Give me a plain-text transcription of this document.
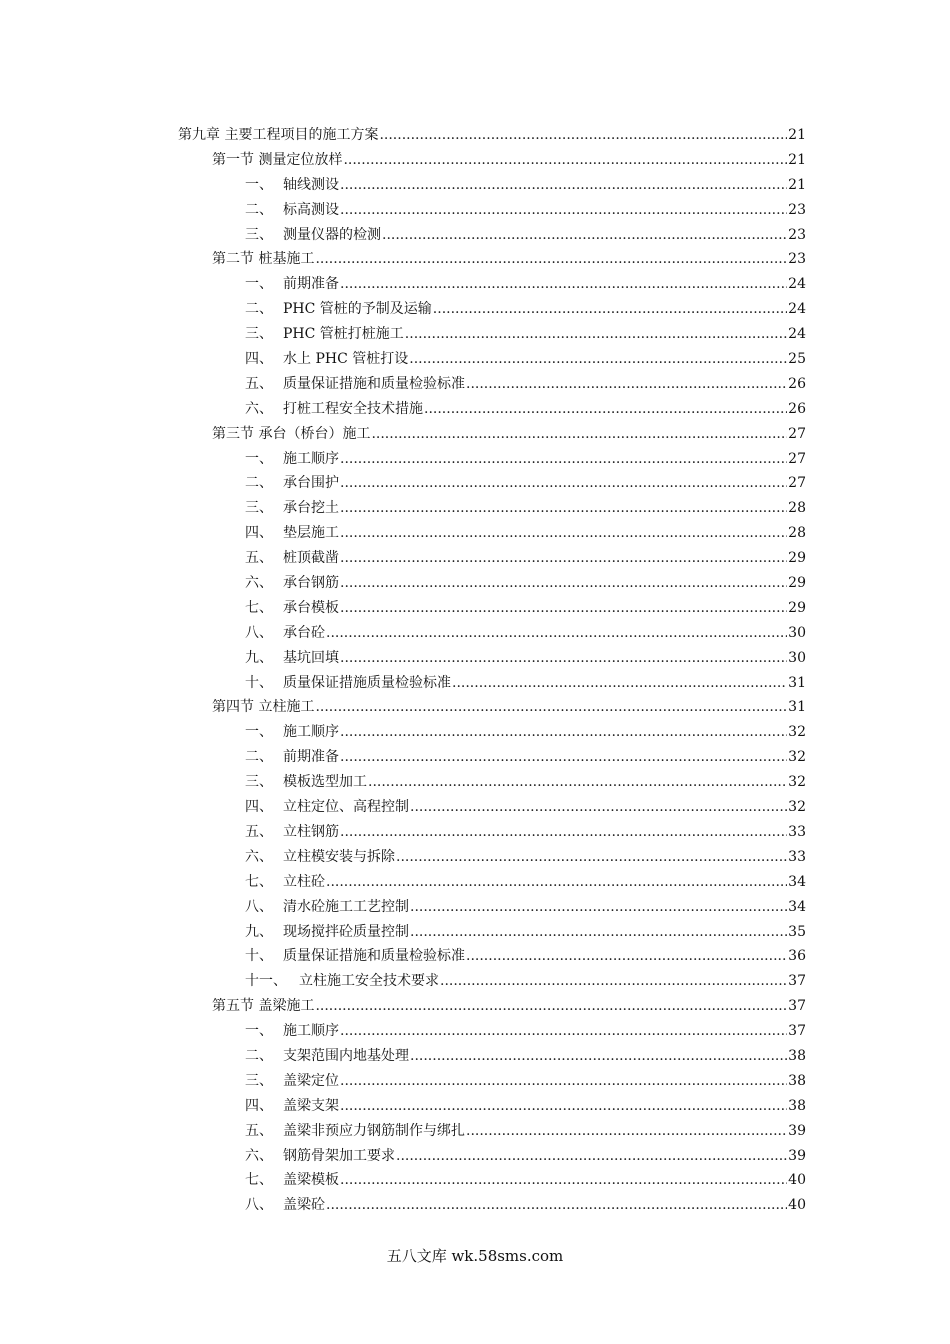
第九章 主要工程项目的施工方案 .....	21
第一节 测量定位放样 .....	21
一、 轴线测设 .....	21
二、 标高测设 .....	23
三、 测量仪器的检测 .....	23
第二节 桩基施工 .....	23
一、 前期准备 .....	24
二、 PHC 管桩的予制及运输 .....	24
三、 PHC 管桩打桩施工 .....	24
四、 水上 PHC 管桩打设 .....	25
五、 质量保证措施和质量检验标准 .....	26
六、 打桩工程安全技术措施 .....	26
第三节 承台（桥台）施工 .....	27
一、 施工顺序 .....	27
二、 承台围护 .....	27
三、 承台挖土 .....	28
四、 垫层施工 .....	28
五、 桩顶截凿 .....	29
六、 承台钢筋 .....	29
七、 承台模板 .....	29
八、 承台砼 .....	30
九、 基坑回填 .....	30
十、 质量保证措施质量检验标准 .....	31
第四节 立柱施工 .....	31
一、 施工顺序 .....	32
二、 前期准备 .....	32
三、 模板选型加工 .....	32
四、 立柱定位、高程控制 .....	32
五、 立柱钢筋 .....	33
六、 立柱模安装与拆除 .....	33
七、 立柱砼 .....	34
八、 清水砼施工工艺控制 .....	34
九、 现场搅拌砼质量控制 .....	35
十、 质量保证措施和质量检验标准 .....	36
十一、 立柱施工安全技术要求 .....	37
第五节 盖梁施工 .....	37
一、 施工顺序 .....	37
二、 支架范围内地基处理 .....	38
三、 盖梁定位 .....	38
四、 盖梁支架 .....	38
五、 盖梁非预应力钢筋制作与绑扎 .....	39
六、 钢筋骨架加工要求 .....	39
七、 盖梁模板 .....	40
八、 盖梁砼 .....	40
五八文库 wk.58sms.com
